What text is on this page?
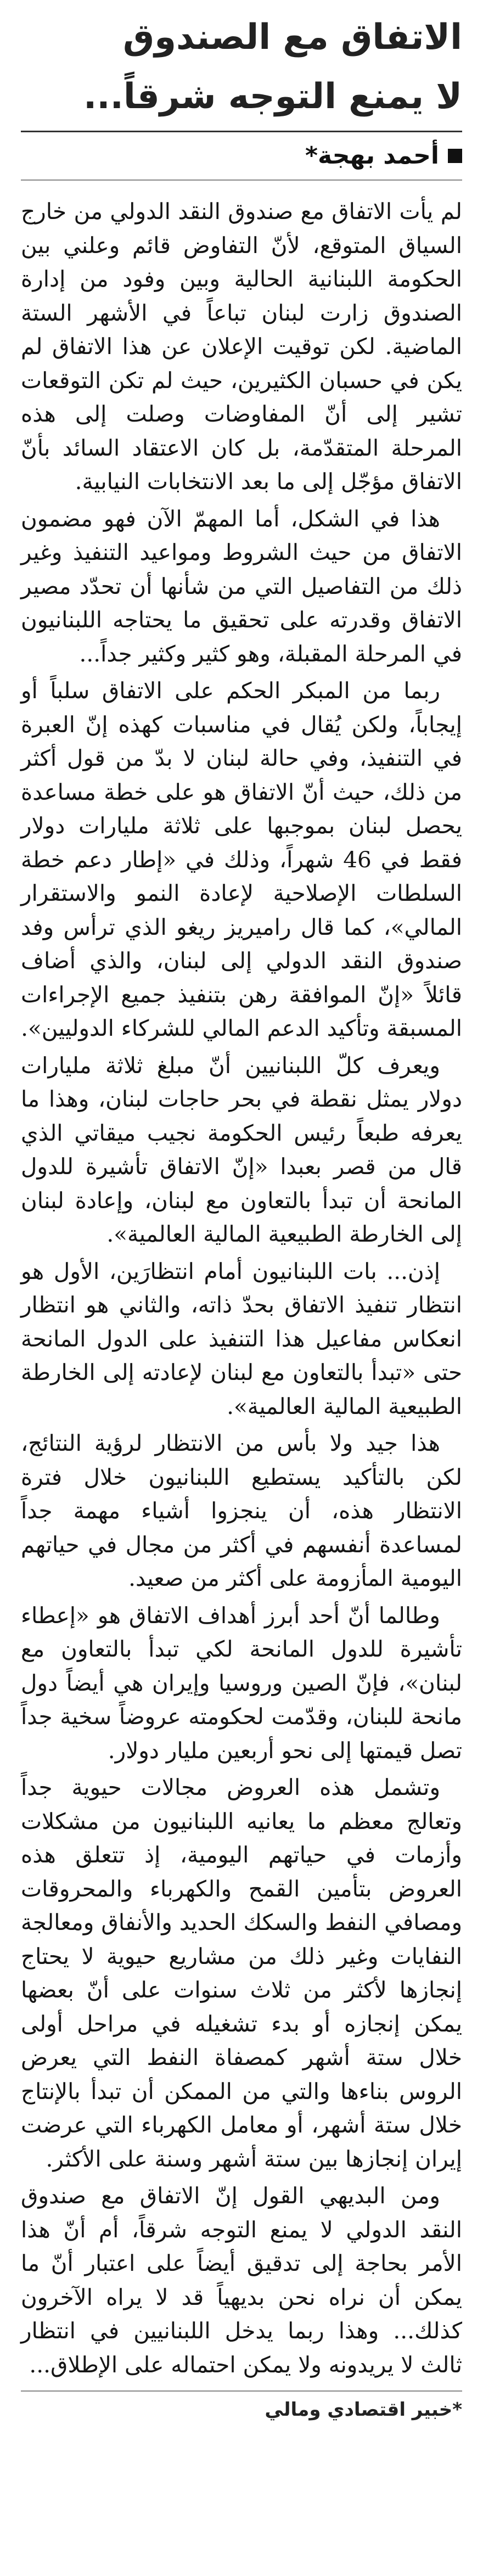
الاتفاق مع الصندوق
لا يمنع التوجه شرقاً...
أحمد بهجة*

لم يأت الاتفاق مع صندوق النقد الدولي من خارج السياق المتوقع، لأنّ التفاوض قائم وعلني بين الحكومة اللبنانية الحالية وبين وفود من إدارة الصندوق زارت لبنان تباعاً في الأشهر الستة الماضية. لكن توقيت الإعلان عن هذا الاتفاق لم يكن في حسبان الكثيرين، حيث لم تكن التوقعات تشير إلى أنّ المفاوضات وصلت إلى هذه المرحلة المتقدّمة، بل كان الاعتقاد السائد بأنّ الاتفاق مؤجّل إلى ما بعد الانتخابات النيابية.

هذا في الشكل، أما المهمّ الآن فهو مضمون الاتفاق من حيث الشروط ومواعيد التنفيذ وغير ذلك من التفاصيل التي من شأنها أن تحدّد مصير الاتفاق وقدرته على تحقيق ما يحتاجه اللبنانيون في المرحلة المقبلة، وهو كثير وكثير جداً...

ربما من المبكر الحكم على الاتفاق سلباً أو إيجاباً، ولكن يُقال في مناسبات كهذه إنّ العبرة في التنفيذ، وفي حالة لبنان لا بدّ من قول أكثر من ذلك، حيث أنّ الاتفاق هو على خطة مساعدة يحصل لبنان بموجبها على ثلاثة مليارات دولار فقط في 46 شهراً، وذلك في «إطار دعم خطة السلطات الإصلاحية لإعادة النمو والاستقرار المالي»، كما قال راميريز ريغو الذي ترأس وفد صندوق النقد الدولي إلى لبنان، والذي أضاف قائلاً «إنّ الموافقة رهن بتنفيذ جميع الإجراءات المسبقة وتأكيد الدعم المالي للشركاء الدوليين».

ويعرف كلّ اللبنانيين أنّ مبلغ ثلاثة مليارات دولار يمثل نقطة في بحر حاجات لبنان، وهذا ما يعرفه طبعاً رئيس الحكومة نجيب ميقاتي الذي قال من قصر بعبدا «إنّ الاتفاق تأشيرة للدول المانحة أن تبدأ بالتعاون مع لبنان، وإعادة لبنان إلى الخارطة الطبيعية المالية العالمية».

إذن... بات اللبنانيون أمام انتظارَين، الأول هو انتظار تنفيذ الاتفاق بحدّ ذاته، والثاني هو انتظار انعكاس مفاعيل هذا التنفيذ على الدول المانحة حتى «تبدأ بالتعاون مع لبنان لإعادته إلى الخارطة الطبيعية المالية العالمية».

هذا جيد ولا بأس من الانتظار لرؤية النتائج، لكن بالتأكيد يستطيع اللبنانيون خلال فترة الانتظار هذه، أن ينجزوا أشياء مهمة جداً لمساعدة أنفسهم في أكثر من مجال في حياتهم اليومية المأزومة على أكثر من صعيد.

وطالما أنّ أحد أبرز أهداف الاتفاق هو «إعطاء تأشيرة للدول المانحة لكي تبدأ بالتعاون مع لبنان»، فإنّ الصين وروسيا وإيران هي أيضاً دول مانحة للبنان، وقدّمت لحكومته عروضاً سخية جداً تصل قيمتها إلى نحو أربعين مليار دولار.

وتشمل هذه العروض مجالات حيوية جداً وتعالج معظم ما يعانيه اللبنانيون من مشكلات وأزمات في حياتهم اليومية، إذ تتعلق هذه العروض بتأمين القمح والكهرباء والمحروقات ومصافي النفط والسكك الحديد والأنفاق ومعالجة النفايات وغير ذلك من مشاريع حيوية لا يحتاج إنجازها لأكثر من ثلاث سنوات على أنّ بعضها يمكن إنجازه أو بدء تشغيله في مراحل أولى خلال ستة أشهر كمصفاة النفط التي يعرض الروس بناءها والتي من الممكن أن تبدأ بالإنتاج خلال ستة أشهر، أو معامل الكهرباء التي عرضت إيران إنجازها بين ستة أشهر وسنة على الأكثر.

ومن البديهي القول إنّ الاتفاق مع صندوق النقد الدولي لا يمنع التوجه شرقاً، أم أنّ هذا الأمر بحاجة إلى تدقيق أيضاً على اعتبار أنّ ما يمكن أن نراه نحن بديهياً قد لا يراه الآخرون كذلك... وهذا ربما يدخل اللبنانيين في انتظار ثالث لا يريدونه ولا يمكن احتماله على الإطلاق...

*خبير اقتصادي ومالي
